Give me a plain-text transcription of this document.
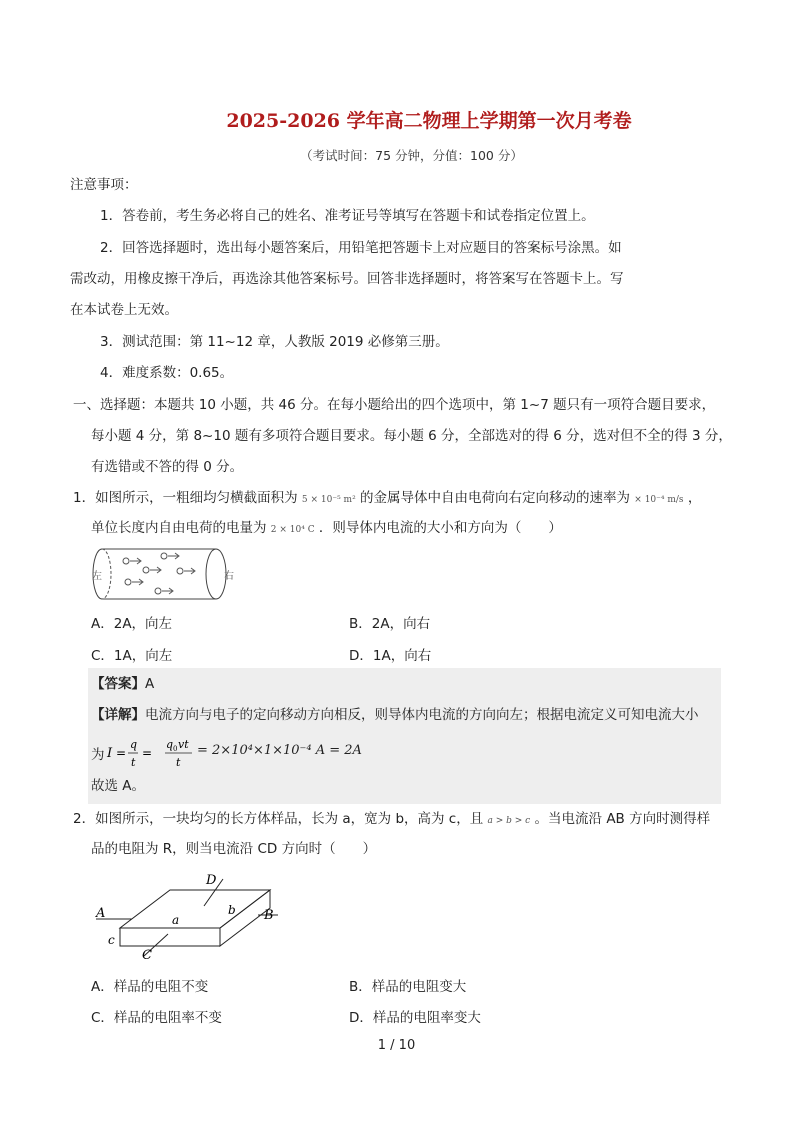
2025-2026 学年高二物理上学期第一次月考卷
（考试时间：75 分钟，分值：100 分）
注意事项：
1．答卷前，考生务必将自己的姓名、准考证号等填写在答题卡和试卷指定位置上。
2．回答选择题时，选出每小题答案后，用铅笔把答题卡上对应题目的答案标号涂黑。如
需改动，用橡皮擦干净后，再选涂其他答案标号。回答非选择题时，将答案写在答题卡上。写
在本试卷上无效。
3．测试范围：第 11~12 章，人教版 2019 必修第三册。
4．难度系数：0.65。
一、选择题：本题共 10 小题，共 46 分。在每小题给出的四个选项中，第 1~7 题只有一项符合题目要求，
每小题 4 分，第 8~10 题有多项符合题目要求。每小题 6 分，全部选对的得 6 分，选对但不全的得 3 分，
有选错或不答的得 0 分。
1．如图所示，一粗细均匀横截面积为 5 × 10⁻⁵ m² 的金属导体中自由电荷向右定向移动的速率为 × 10⁻⁴ m/s ，
单位长度内自由电荷的电量为 2 × 10⁴ C ．则导体内电流的大小和方向为（　　）
左	右
A．2A，向左	B．2A，向右
C．1A，向左	D．1A，向右
【答案】A
【详解】电流方向与电子的定向移动方向相反，则导体内电流的方向向左；根据电流定义可知电流大小
为 I =
q
t
=
q 0 vt
t
= 2×10⁴×1×10⁻⁴ A = 2A
故选 A。
2．如图所示，一块均匀的长方体样品，长为 a，宽为 b，高为 c，且 a > b > c 。当电流沿 AB 方向时测得样
品的电阻为 R，则当电流沿 CD 方向时（　　）
A	B
D
C
a
b
c
A．样品的电阻不变	B．样品的电阻变大
C．样品的电阻率不变	D．样品的电阻率变大
1 / 10
